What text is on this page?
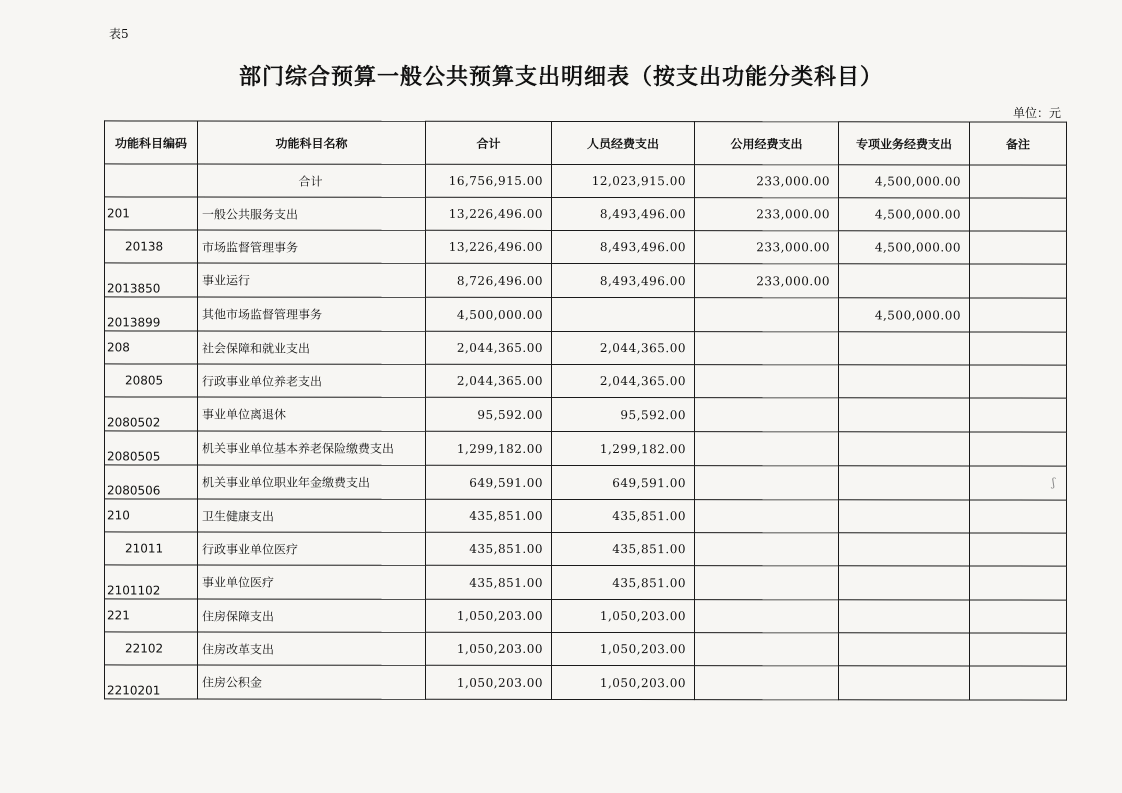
表5
部门综合预算一般公共预算支出明细表（按支出功能分类科目）
单位：元
功能科目编码	功能科目名称	合计	人员经费支出	公用经费支出	专项业务经费支出	备注
	合计	16,756,915.00	12,023,915.00	233,000.00	4,500,000.00	
201	一般公共服务支出	13,226,496.00	8,493,496.00	233,000.00	4,500,000.00	
20138	市场监督管理事务	13,226,496.00	8,493,496.00	233,000.00	4,500,000.00	
2013850	事业运行	8,726,496.00	8,493,496.00	233,000.00		
2013899	其他市场监督管理事务	4,500,000.00			4,500,000.00	
208	社会保障和就业支出	2,044,365.00	2,044,365.00			
20805	行政事业单位养老支出	2,044,365.00	2,044,365.00			
2080502	事业单位离退休	95,592.00	95,592.00			
2080505	机关事业单位基本养老保险缴费支出	1,299,182.00	1,299,182.00			
2080506	机关事业单位职业年金缴费支出	649,591.00	649,591.00			
210	卫生健康支出	435,851.00	435,851.00			
21011	行政事业单位医疗	435,851.00	435,851.00			
2101102	事业单位医疗	435,851.00	435,851.00			
221	住房保障支出	1,050,203.00	1,050,203.00			
22102	住房改革支出	1,050,203.00	1,050,203.00			
2210201	住房公积金	1,050,203.00	1,050,203.00			
ʃ
